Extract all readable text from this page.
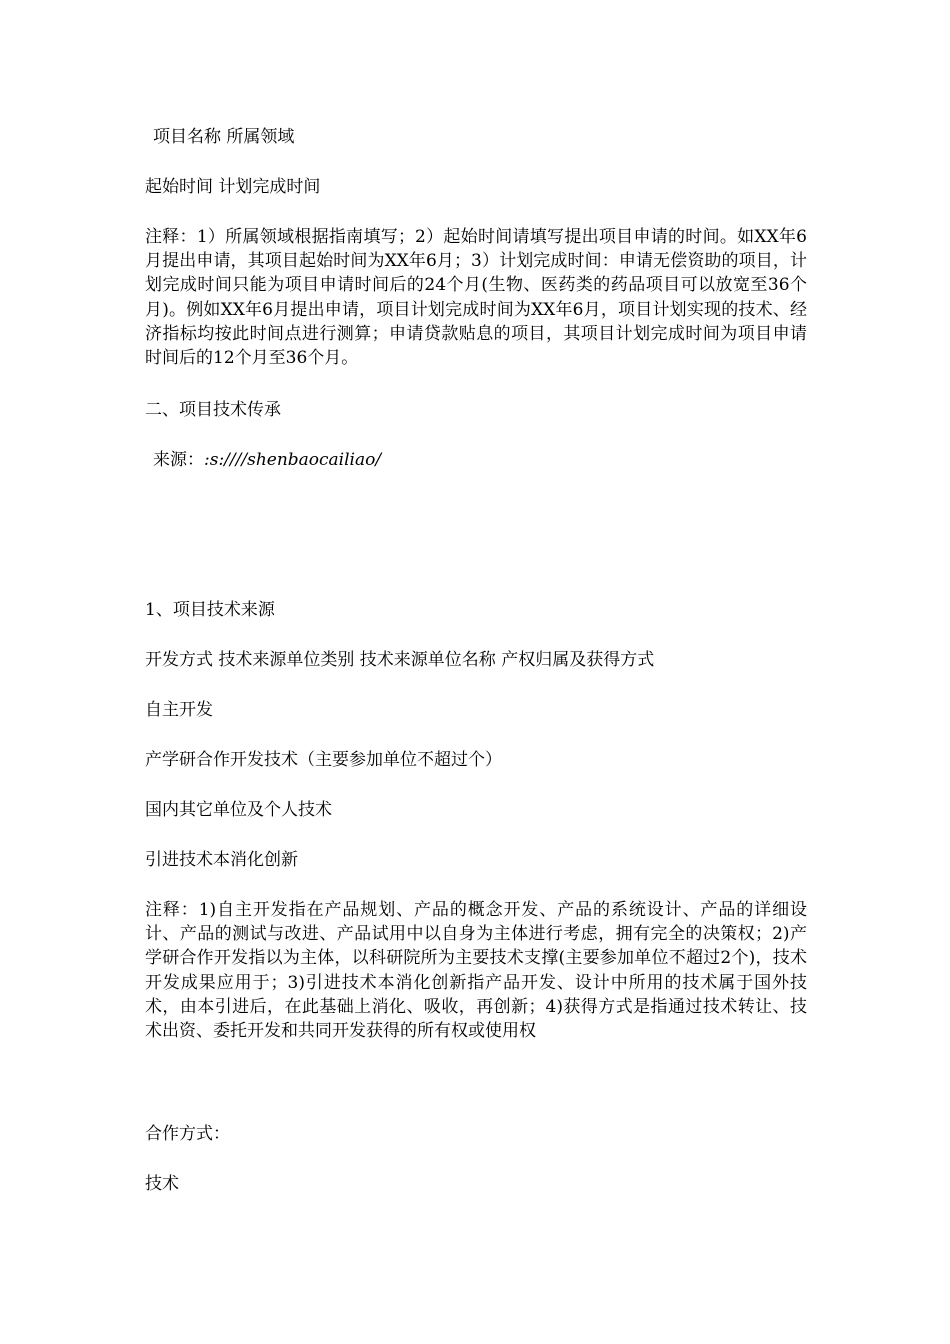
项目名称 所属领域
起始时间 计划完成时间
注释：1）所属领域根据指南填写；2）起始时间请填写提出项目申请的时间。如XX年6月提出申请，其项目起始时间为XX年6月；3）计划完成时间：申请无偿资助的项目，计划完成时间只能为项目申请时间后的24个月(生物、医药类的药品项目可以放宽至36个月)。例如XX年6月提出申请，项目计划完成时间为XX年6月，项目计划实现的技术、经济指标均按此时间点进行测算；申请贷款贴息的项目，其项目计划完成时间为项目申请时间后的12个月至36个月。
二、项目技术传承
来源：:s:////shenbaocailiao/
1、项目技术来源
开发方式 技术来源单位类别 技术来源单位名称 产权归属及获得方式
自主开发
产学研合作开发技术（主要参加单位不超过个）
国内其它单位及个人技术
引进技术本消化创新
注释：1)自主开发指在产品规划、产品的概念开发、产品的系统设计、产品的详细设计、产品的测试与改进、产品试用中以自身为主体进行考虑，拥有完全的决策权；2)产学研合作开发指以为主体，以科研院所为主要技术支撑(主要参加单位不超过2个)，技术开发成果应用于；3)引进技术本消化创新指产品开发、设计中所用的技术属于国外技术，由本引进后，在此基础上消化、吸收，再创新；4)获得方式是指通过技术转让、技术出资、委托开发和共同开发获得的所有权或使用权
合作方式：
技术
